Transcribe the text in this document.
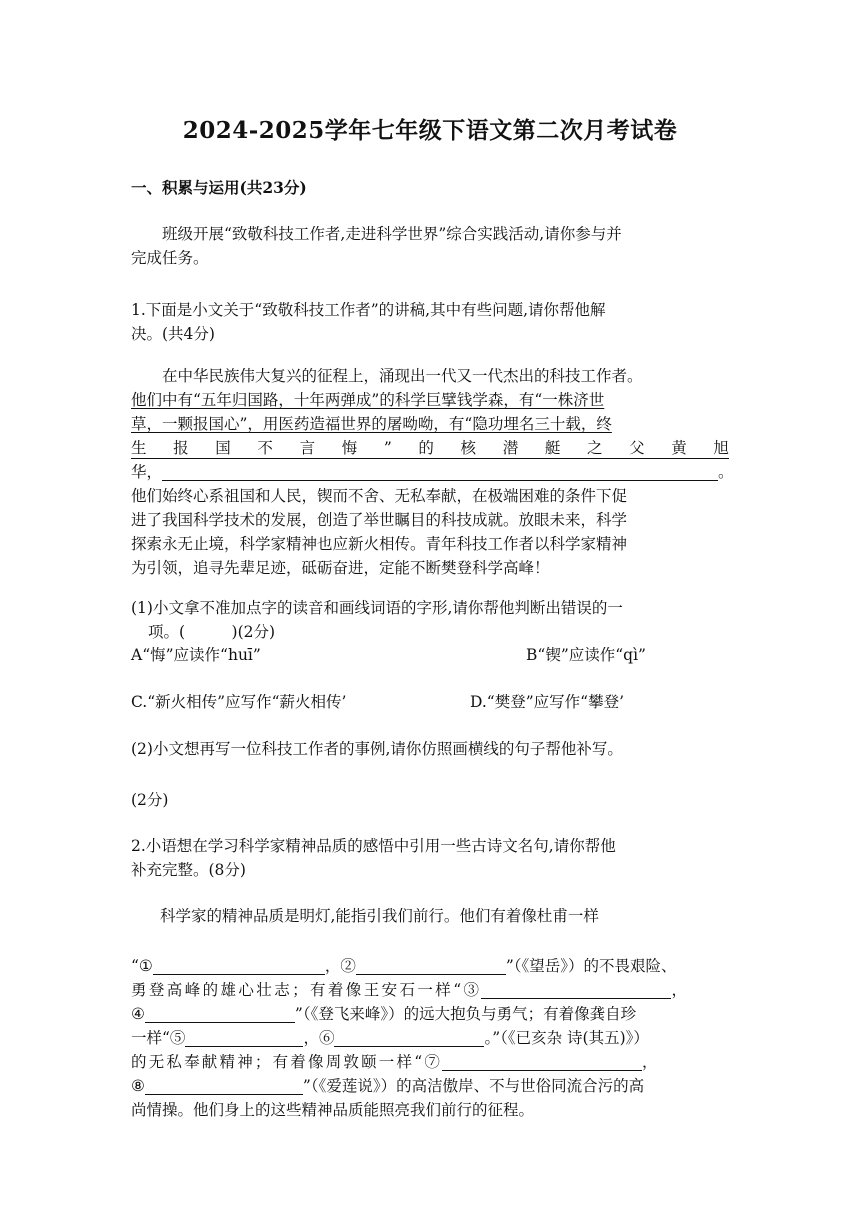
2024-2025学年七年级下语文第二次月考试卷
一、积累与运用(共23分)
班级开展“致敬科技工作者,走进科学世界”综合实践活动,请你参与并
完成任务。
1.下面是小文关于“致敬科技工作者”的讲稿,其中有些问题,请你帮他解
决。(共4分)
在中华民族伟大复兴的征程上，涌现出一代又一代杰出的科技工作者。
他们中有“五年归国路，十年两弹成”的科学巨擘钱学森，有“一株济世
草，一颗报国心”，用医药造福世界的屠呦呦，有“隐功埋名三十载，终
生 报 国 不 言 悔 ” 的 核 潜 艇 之 父 黄 旭
华，	。
他们始终心系祖国和人民，锲而不舍、无私奉献，在极端困难的条件下促
进了我国科学技术的发展，创造了举世瞩目的科技成就。放眼未来，科学
探索永无止境，科学家精神也应新火相传。青年科技工作者以科学家精神
为引领，追寻先辈足迹，砥砺奋进，定能不断樊登科学高峰！
(1)小文拿不准加点字的读音和画线词语的字形,请你帮他判断出错误的一
项。(　　　)(2分)
A“悔”应读作“huī”	B“锲”应读作“qì”
C.“新火相传”应写作“薪火相传’	D.“樊登”应写作“攀登’
(2)小文想再写一位科技工作者的事例,请你仿照画横线的句子帮他补写。
(2分)
2.小语想在学习科学家精神品质的感悟中引用一些古诗文名句,请你帮他
补充完整。(8分)
科学家的精神品质是明灯,能指引我们前行。他们有着像杜甫一样
“①	，②	”（《望岳》）的不畏艰险、
勇登高峰的雄心壮志；有着像王安石一样“③	，
④	”（《登飞来峰》）的远大抱负与勇气；有着像龚自珍
一样“⑤	，⑥	。”（《已亥杂 诗(其五)》）
的无私奉献精神；有着像周敦颐一样“⑦	，
⑧	”（《爱莲说》）的高洁傲岸、不与世俗同流合污的高
尚情操。他们身上的这些精神品质能照亮我们前行的征程。
